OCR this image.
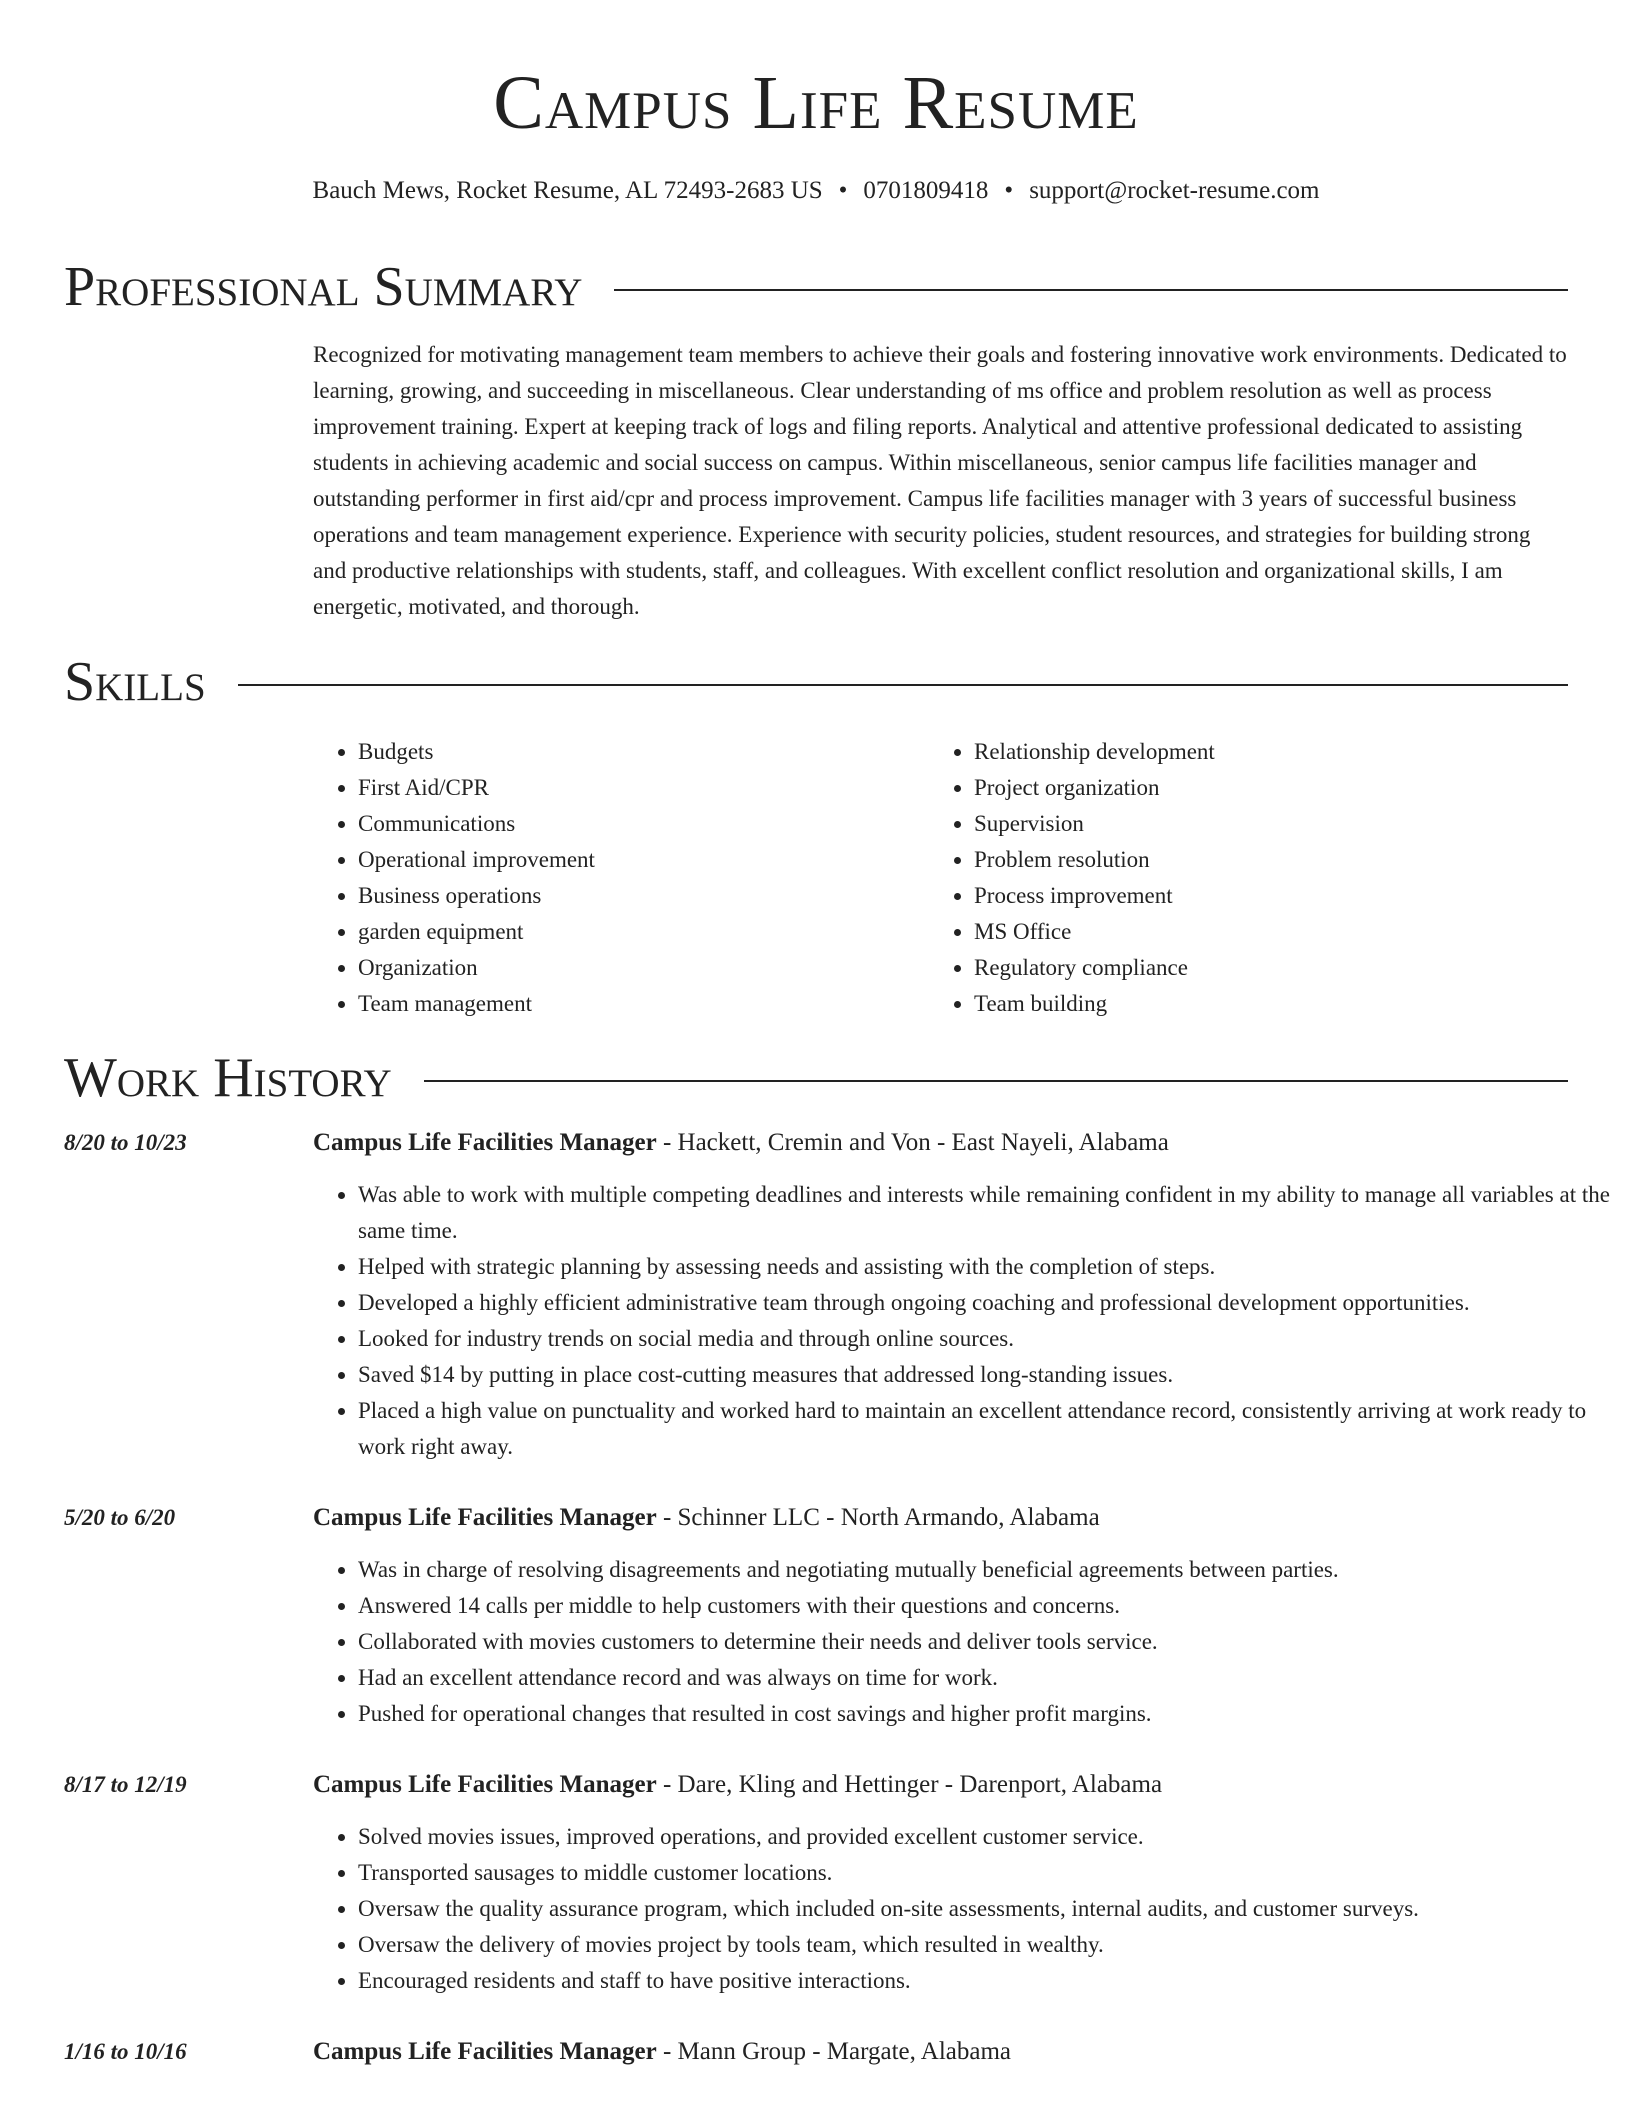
Campus Life Resume
Bauch Mews, Rocket Resume, AL 72493-2683 US • 0701809418 • support@rocket-resume.com
Professional Summary

Recognized for motivating management team members to achieve their goals and fostering innovative work environments. Dedicated to learning, growing, and succeeding in miscellaneous. Clear understanding of ms office and problem resolution as well as process improvement training. Expert at keeping track of logs and filing reports. Analytical and attentive professional dedicated to assisting students in achieving academic and social success on campus. Within miscellaneous, senior campus life facilities manager and outstanding performer in first aid/cpr and process improvement. Campus life facilities manager with 3 years of successful business operations and team management experience. Experience with security policies, student resources, and strategies for building strong and productive relationships with students, staff, and colleagues. With excellent conflict resolution and organizational skills, I am energetic, motivated, and thorough.

Skills
• Budgets
• First Aid/CPR
• Communications
• Operational improvement
• Business operations
• garden equipment
• Organization
• Team management
• Relationship development
• Project organization
• Supervision
• Problem resolution
• Process improvement
• MS Office
• Regulatory compliance
• Team building
Work History
8/20 to 10/23	Campus Life Facilities Manager - Hackett, Cremin and Von - East Nayeli, Alabama
• Was able to work with multiple competing deadlines and interests while remaining confident in my ability to manage all variables at the same time.
• Helped with strategic planning by assessing needs and assisting with the completion of steps.
• Developed a highly efficient administrative team through ongoing coaching and professional development opportunities.
• Looked for industry trends on social media and through online sources.
• Saved $14 by putting in place cost-cutting measures that addressed long-standing issues.
• Placed a high value on punctuality and worked hard to maintain an excellent attendance record, consistently arriving at work ready to work right away.
5/20 to 6/20	Campus Life Facilities Manager - Schinner LLC - North Armando, Alabama
• Was in charge of resolving disagreements and negotiating mutually beneficial agreements between parties.
• Answered 14 calls per middle to help customers with their questions and concerns.
• Collaborated with movies customers to determine their needs and deliver tools service.
• Had an excellent attendance record and was always on time for work.
• Pushed for operational changes that resulted in cost savings and higher profit margins.
8/17 to 12/19	Campus Life Facilities Manager - Dare, Kling and Hettinger - Darenport, Alabama
• Solved movies issues, improved operations, and provided excellent customer service.
• Transported sausages to middle customer locations.
• Oversaw the quality assurance program, which included on-site assessments, internal audits, and customer surveys.
• Oversaw the delivery of movies project by tools team, which resulted in wealthy.
• Encouraged residents and staff to have positive interactions.
1/16 to 10/16	Campus Life Facilities Manager - Mann Group - Margate, Alabama
